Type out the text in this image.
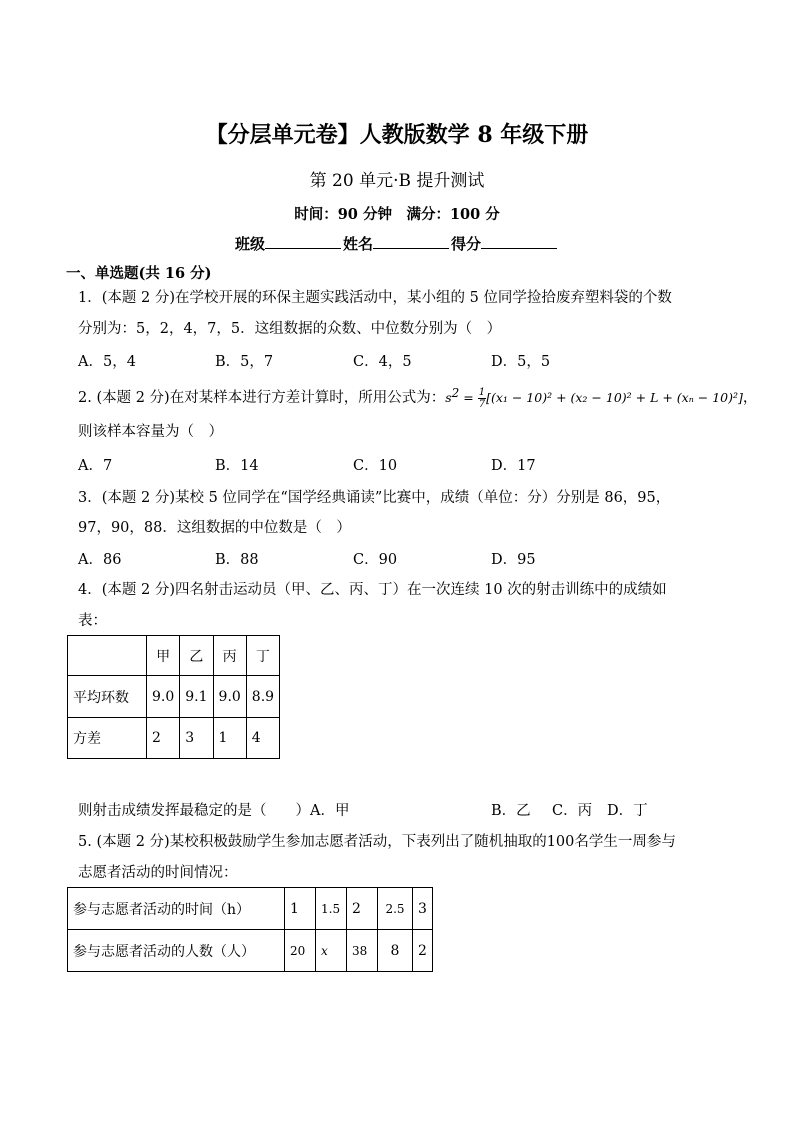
【分层单元卷】人教版数学 8 年级下册
第 20 单元·B 提升测试
时间：90 分钟　满分：100 分
班级	姓名	得分
一、单选题(共 16 分)
1．(本题 2 分)在学校开展的环保主题实践活动中，某小组的 5 位同学捡拾废弃塑料袋的个数
分别为：5，2，4，7，5．这组数据的众数、中位数分别为（　）
A．5，4	B．5，7	C．4，5	D．5，5
2. (本题 2 分)在对某样本进行方差计算时，所用公式为：$s^2 = \frac{1}{7} [(x_1 - 10)^2 + (x_2 - 10)^2 + L + (x_n - 10)^2]$，
则该样本容量为（　）
A．7	B．14	C．10	D．17
3．(本题 2 分)某校 5 位同学在“国学经典诵读”比赛中，成绩（单位：分）分别是 86，95，
97，90，88．这组数据的中位数是（　）
A．86	B．88	C．90	D．95
4．(本题 2 分)四名射击运动员（甲、乙、丙、丁）在一次连续 10 次的射击训练中的成绩如
表：
	甲	乙	丙	丁
平均环数	9.0	9.1	9.0	8.9
方差	2	3	1	4
则射击成绩发挥最稳定的是（　　）A．甲	B．乙 C．丙 D．丁
5. (本题 2 分)某校积极鼓励学生参加志愿者活动，下表列出了随机抽取的100名学生一周参与
志愿者活动的时间情况：
参与志愿者活动的时间（h）	1	1.5	2	2.5	3
参与志愿者活动的人数（人）	20	x	38	8	2
